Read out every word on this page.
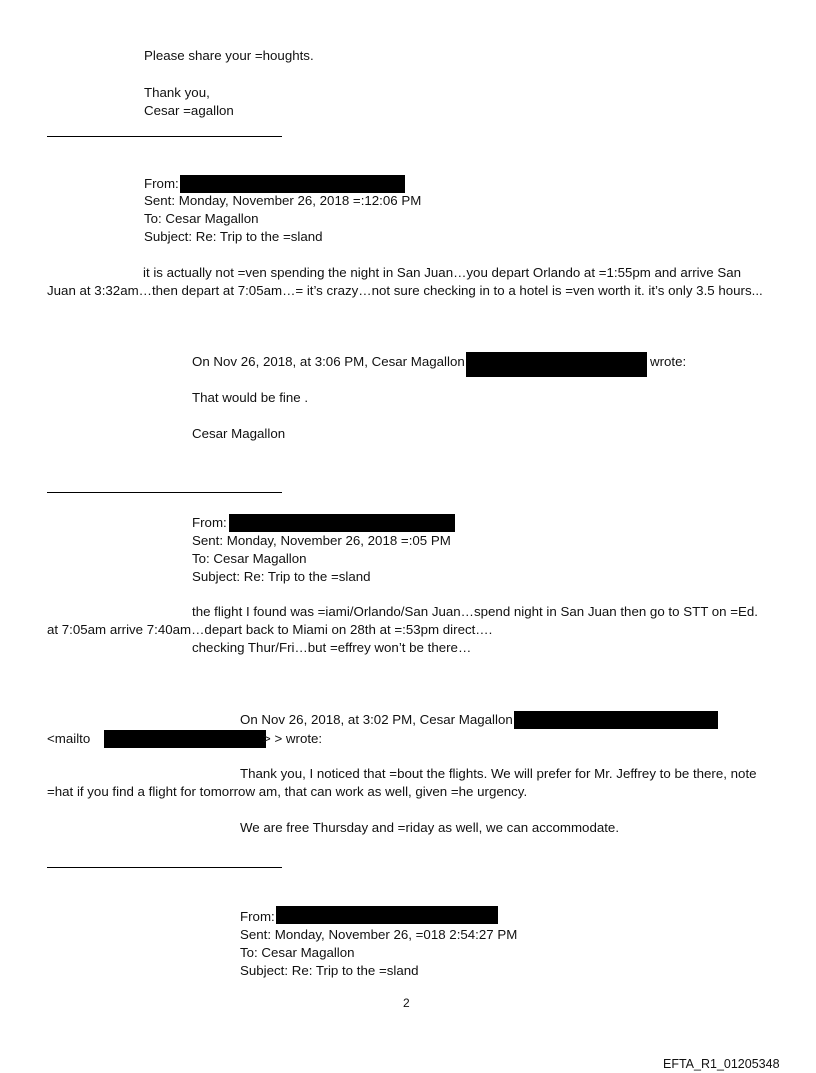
Please share your =houghts.
Thank you,
Cesar =agallon
From:
Sent: Monday, November 26, 2018 =:12:06 PM
To: Cesar Magallon
Subject: Re: Trip to the =sland
it is actually not =ven spending the night in San Juan…you depart Orlando at =1:55pm and arrive San Juan at 3:32am…then depart at 7:05am…= it’s crazy…not sure checking in to a hotel is =ven worth it. it’s only 3.5 hours...
On Nov 26, 2018, at 3:06 PM, Cesar Magallon	wrote:
That would be fine .
Cesar Magallon
From:
Sent: Monday, November 26, 2018 =:05 PM
To: Cesar Magallon
Subject: Re: Trip to the =sland
the flight I found was =iami/Orlando/San Juan…spend night in San Juan then go to STT on =Ed.
at 7:05am arrive 7:40am…depart back to Miami on 28th at =:53pm direct….
checking Thur/Fri…but =effrey won’t be there…
On Nov 26, 2018, at 3:02 PM, Cesar Magallon
<mailto	> > wrote:
Thank you, I noticed that =bout the flights. We will prefer for Mr. Jeffrey to be there, note =hat if you find a flight for tomorrow am, that can work as well, given =he urgency.
We are free Thursday and =riday as well, we can accommodate.
From:
Sent: Monday, November 26, =018 2:54:27 PM
To: Cesar Magallon
Subject: Re: Trip to the =sland
2
EFTA_R1_01205348
